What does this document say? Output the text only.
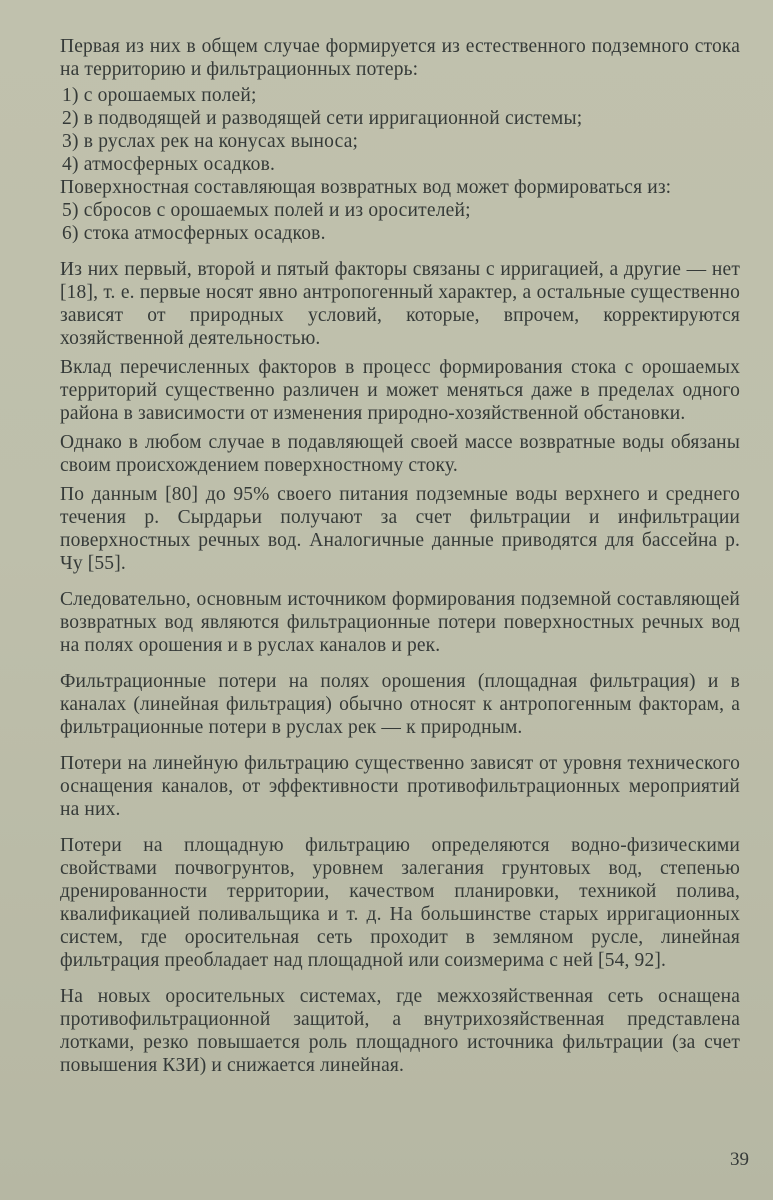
Первая из них в общем случае формируется из естественного подземного стока на территорию и фильтрационных потерь:

1) с орошаемых полей;

2) в подводящей и разводящей сети ирригационной системы;

3) в руслах рек на конусах выноса;

4) атмосферных осадков.

Поверхностная составляющая возвратных вод может формироваться из:

5) сбросов с орошаемых полей и из оросителей;

6) стока атмосферных осадков.

Из них первый, второй и пятый факторы связаны с ирригацией, а другие — нет [18], т. е. первые носят явно антропогенный характер, а остальные существенно зависят от природных условий, которые, впрочем, корректируются хозяйственной деятельностью.

Вклад перечисленных факторов в процесс формирования стока с орошаемых территорий существенно различен и может меняться даже в пределах одного района в зависимости от изменения природно-хозяйственной обстановки.

Однако в любом случае в подавляющей своей массе возвратные воды обязаны своим происхождением поверхностному стоку.

По данным [80] до 95% своего питания подземные воды верхнего и среднего течения р. Сырдарьи получают за счет фильтрации и инфильтрации поверхностных речных вод. Аналогичные данные приводятся для бассейна р. Чу [55].

Следовательно, основным источником формирования подземной составляющей возвратных вод являются фильтрационные потери поверхностных речных вод на полях орошения и в руслах каналов и рек.

Фильтрационные потери на полях орошения (площадная фильтрация) и в каналах (линейная фильтрация) обычно относят к антропогенным факторам, а фильтрационные потери в руслах рек — к природным.

Потери на линейную фильтрацию существенно зависят от уровня технического оснащения каналов, от эффективности противофильтрационных мероприятий на них.

Потери на площадную фильтрацию определяются водно-физическими свойствами почвогрунтов, уровнем залегания грунтовых вод, степенью дренированности территории, качеством планировки, техникой полива, квалификацией поливальщика и т. д. На большинстве старых ирригационных систем, где оросительная сеть проходит в земляном русле, линейная фильтрация преобладает над площадной или соизмерима с ней [54, 92].

На новых оросительных системах, где межхозяйственная сеть оснащена противофильтрационной защитой, а внутрихозяйственная представлена лотками, резко повышается роль площадного источника фильтрации (за счет повышения КЗИ) и снижается линейная.

39
